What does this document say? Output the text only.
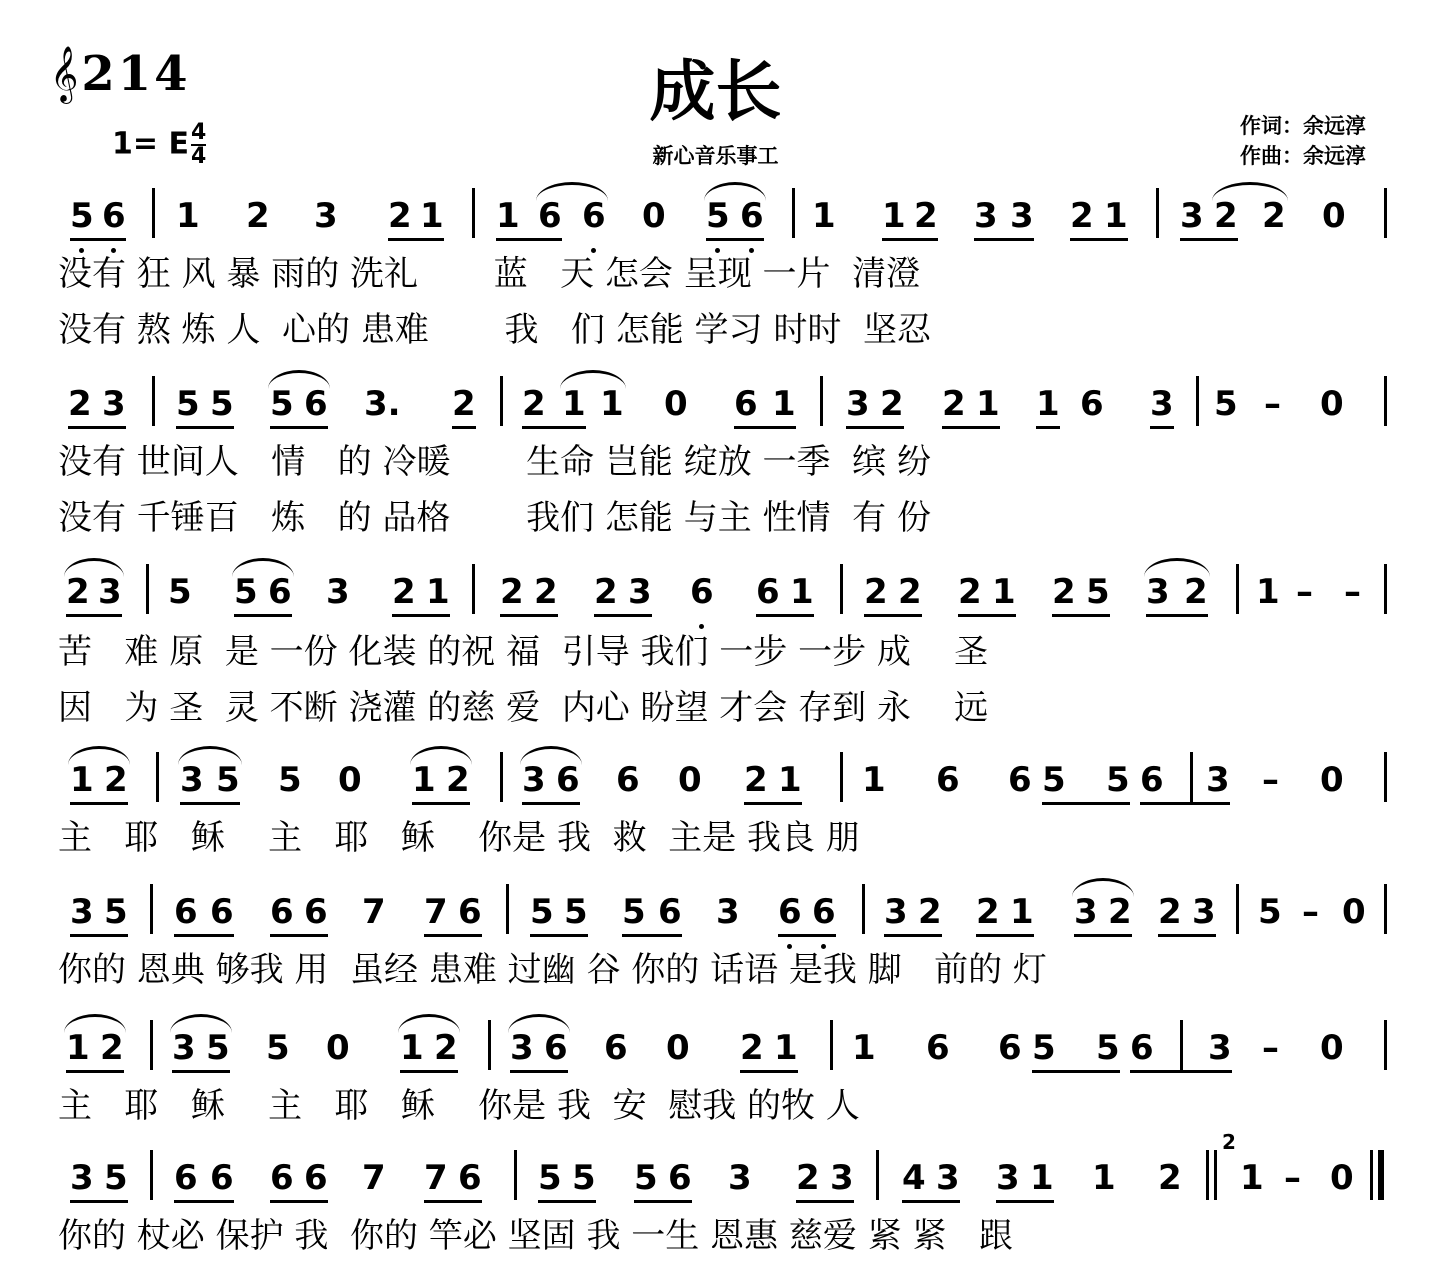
𝄞214	成长
1= E $\frac{4}{4}$	新心音乐事工
作词：余远淳
作曲：余远淳
5 6 1 2 3 2 1 1 6 6 0 5 6 1 1 2 3 3 2 1 3 2 2 0
2 3 5 5 5 6 3. 2 2 1 1 0 6 1 3 2 2 1 1 6 3 5 – 0
2 3 5 5 6 3 2 1 2 2 2 3 6 6 1 2 2 2 1 2 5 3 2 1 – –
1 2 3 5 5 0 1 2 3 6 6 0 2 1 1 6 6 5 5 6 3 – 0
3 5 6 6 6 6 7 7 6 5 5 5 6 3 6 6 3 2 2 1 3 2 2 3 5 – 0
1 2 3 5 5 0 1 2 3 6 6 0 2 1 1 6 6 5 5 6 3 – 0
3 5 6 6 6 6 7 7 6 5 5 5 6 3 2 3 4 3 3 1 1 2 1 – 0
2
没有 狂 风 暴 雨的 洗礼       蓝   天 怎会 呈现 一片  清澄
没有 熬 炼 人  心的 患难       我   们 怎能 学习 时时  坚忍
没有 世间人   情   的 冷暖       生命 岂能 绽放 一季  缤 纷
没有 千锤百   炼   的 品格       我们 怎能 与主 性情  有 份
苦   难 原  是 一份 化装 的祝 福  引导 我们 一步 一步 成    圣
因   为 圣  灵 不断 浇灌 的慈 爱  内心 盼望 才会 存到 永    远
主   耶   稣    主   耶   稣    你是 我  救  主是 我良 朋
你的 恩典 够我 用  虽经 患难 过幽 谷 你的 话语 是我 脚   前的 灯
主   耶   稣    主   耶   稣    你是 我  安  慰我 的牧 人
你的 杖必 保护 我  你的 竿必 坚固 我 一生 恩惠 慈爱 紧 紧   跟
